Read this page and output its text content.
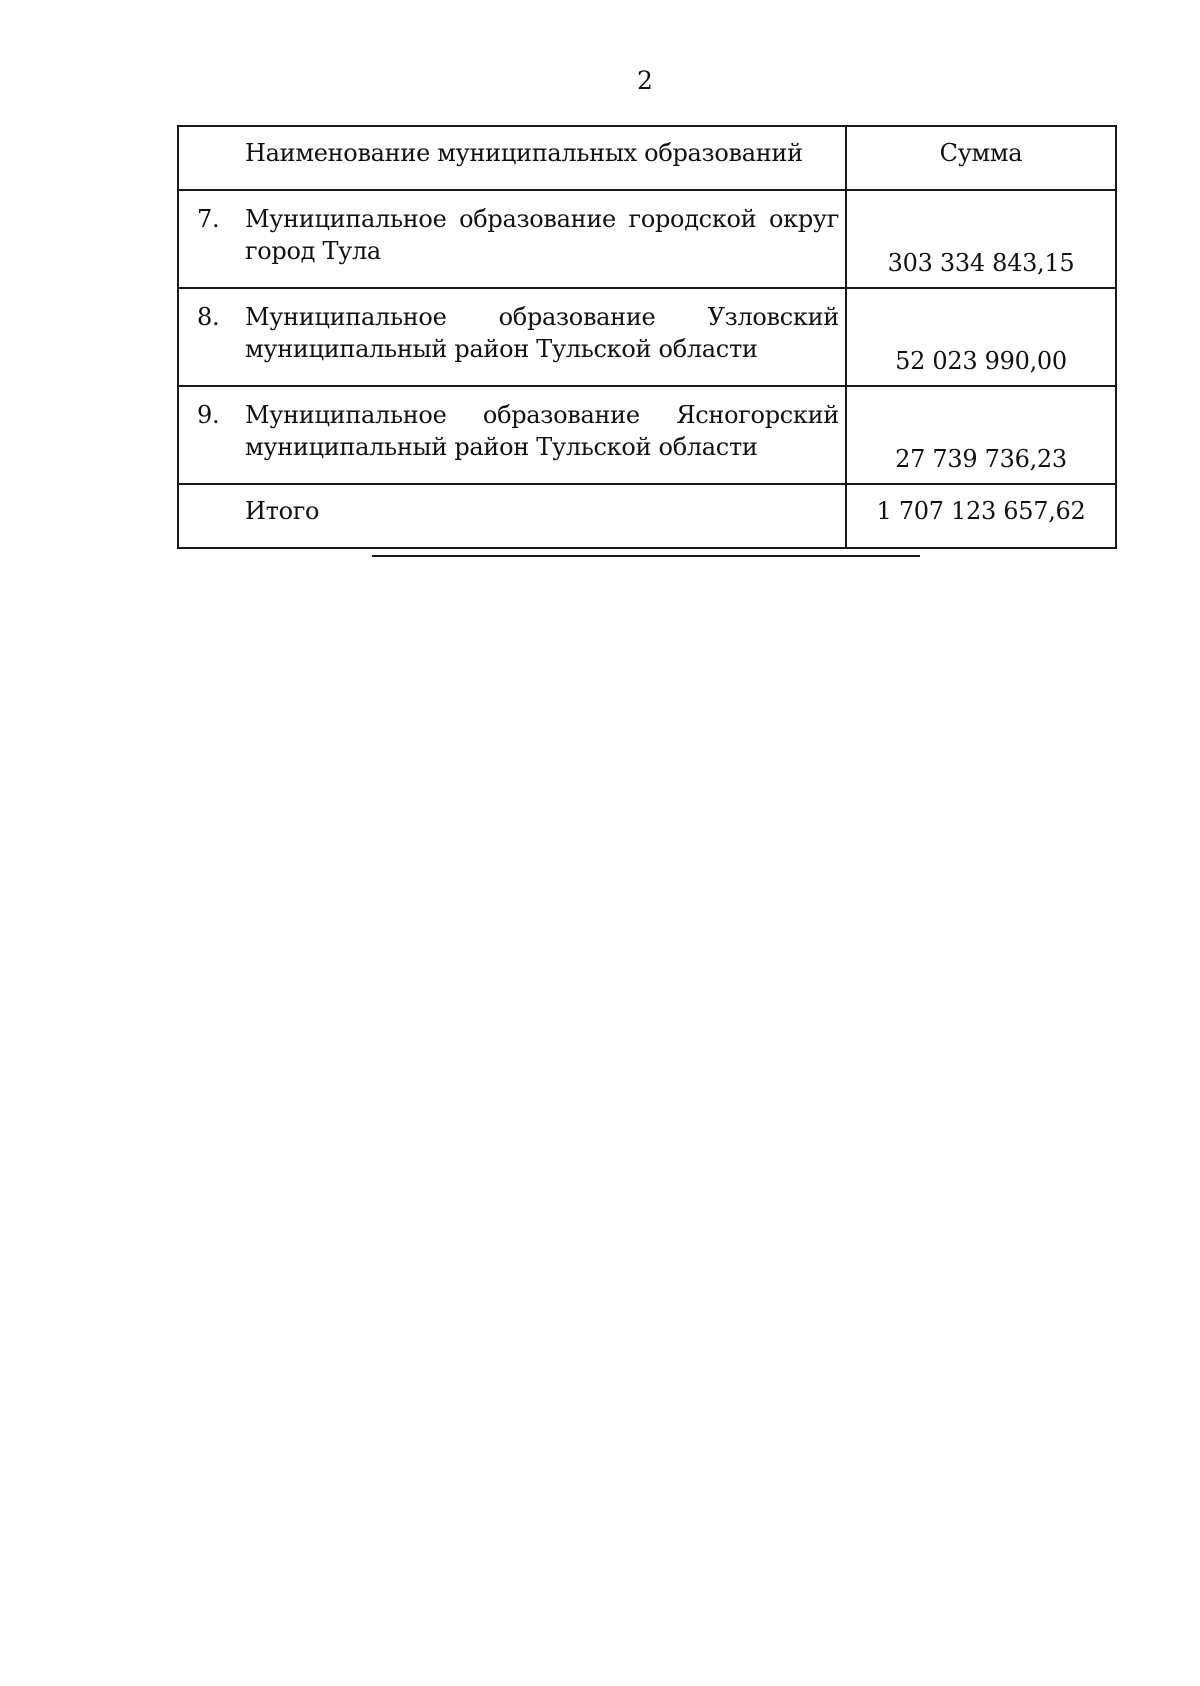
2
Наименование муниципальных образований	Сумма

7. Муниципальное образование городской округ город Тула	303 334 843,15

8. Муниципальное образование Узловский муниципальный район Тульской области	52 023 990,00

9. Муниципальное образование Ясногорский муниципальный район Тульской области	27 739 736,23
Итого	1 707 123 657,62
